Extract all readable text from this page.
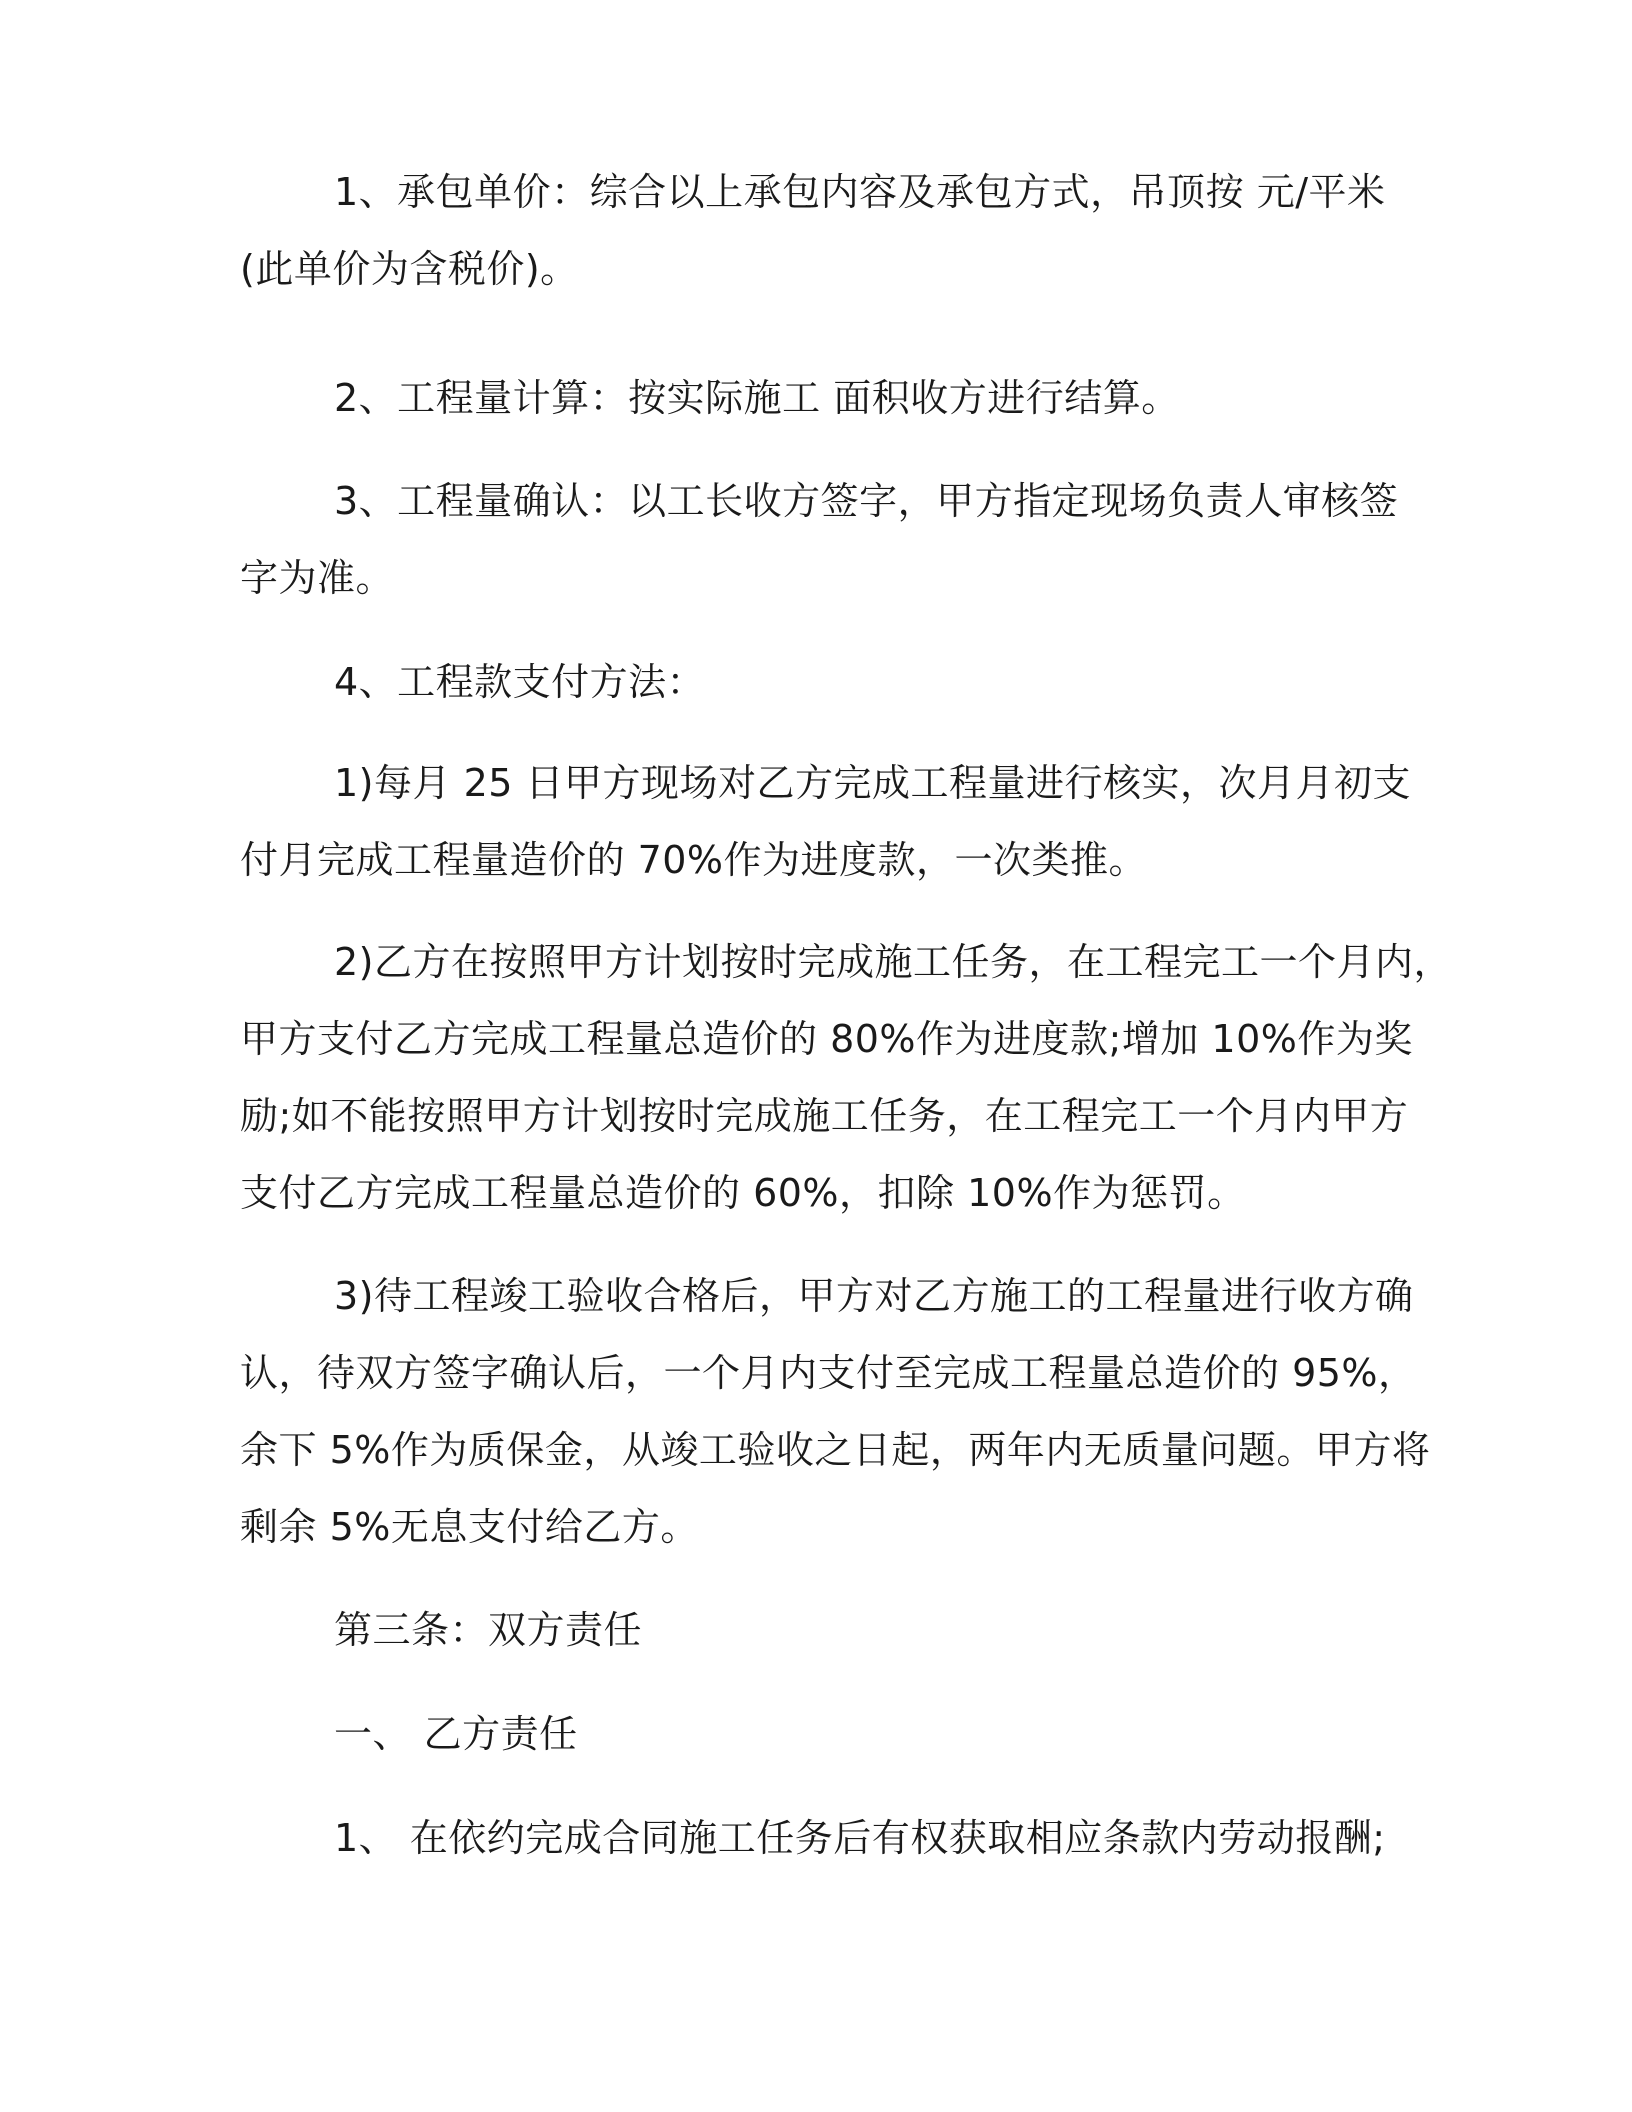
1、承包单价：综合以上承包内容及承包方式，吊顶按 元/平米
(此单价为含税价)。
2、工程量计算：按实际施工 面积收方进行结算。
3、工程量确认：以工长收方签字，甲方指定现场负责人审核签
字为准。
4、工程款支付方法：
1)每月 25 日甲方现场对乙方完成工程量进行核实，次月月初支
付月完成工程量造价的 70%作为进度款，一次类推。
2)乙方在按照甲方计划按时完成施工任务，在工程完工一个月内，
甲方支付乙方完成工程量总造价的 80%作为进度款;增加 10%作为奖
励;如不能按照甲方计划按时完成施工任务，在工程完工一个月内甲方
支付乙方完成工程量总造价的 60%，扣除 10%作为惩罚。
3)待工程竣工验收合格后，甲方对乙方施工的工程量进行收方确
认，待双方签字确认后，一个月内支付至完成工程量总造价的 95%，
余下 5%作为质保金，从竣工验收之日起，两年内无质量问题。甲方将
剩余 5%无息支付给乙方。
第三条：双方责任
一、 乙方责任
1、 在依约完成合同施工任务后有权获取相应条款内劳动报酬;
